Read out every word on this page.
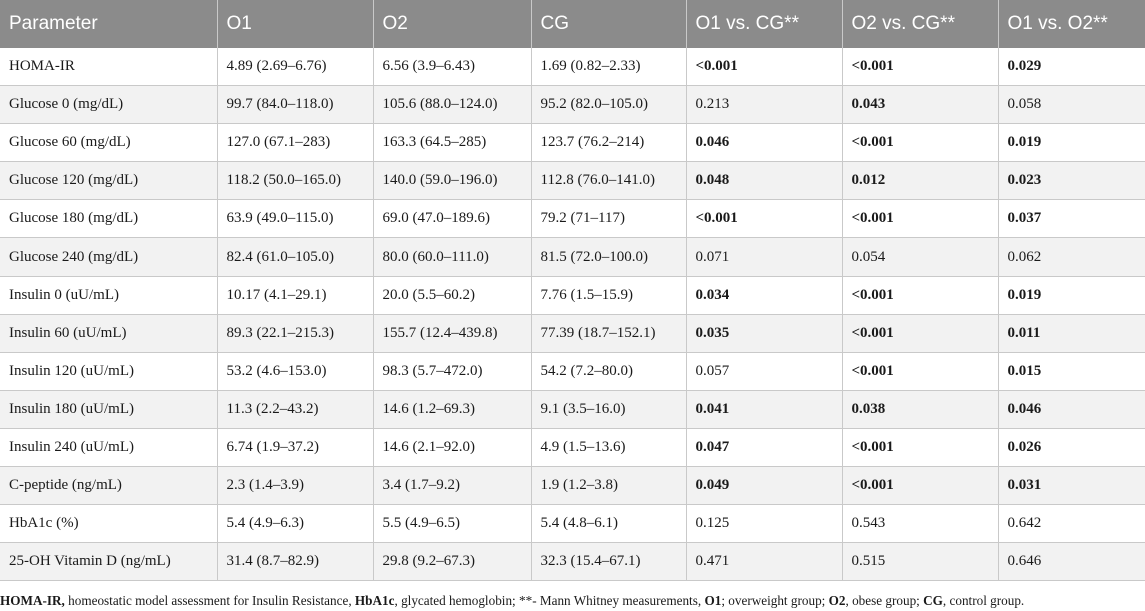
Parameter	O1	O2	CG	O1 vs. CG**	O2 vs. CG**	O1 vs. O2**
HOMA-IR	4.89 (2.69–6.76)	6.56 (3.9–6.43)	1.69 (0.82–2.33)	<0.001	<0.001	0.029
Glucose 0 (mg/dL)	99.7 (84.0–118.0)	105.6 (88.0–124.0)	95.2 (82.0–105.0)	0.213	0.043	0.058
Glucose 60 (mg/dL)	127.0 (67.1–283)	163.3 (64.5–285)	123.7 (76.2–214)	0.046	<0.001	0.019
Glucose 120 (mg/dL)	118.2 (50.0–165.0)	140.0 (59.0–196.0)	112.8 (76.0–141.0)	0.048	0.012	0.023
Glucose 180 (mg/dL)	63.9 (49.0–115.0)	69.0 (47.0–189.6)	79.2 (71–117)	<0.001	<0.001	0.037
Glucose 240 (mg/dL)	82.4 (61.0–105.0)	80.0 (60.0–111.0)	81.5 (72.0–100.0)	0.071	0.054	0.062
Insulin 0 (uU/mL)	10.17 (4.1–29.1)	20.0 (5.5–60.2)	7.76 (1.5–15.9)	0.034	<0.001	0.019
Insulin 60 (uU/mL)	89.3 (22.1–215.3)	155.7 (12.4–439.8)	77.39 (18.7–152.1)	0.035	<0.001	0.011
Insulin 120 (uU/mL)	53.2 (4.6–153.0)	98.3 (5.7–472.0)	54.2 (7.2–80.0)	0.057	<0.001	0.015
Insulin 180 (uU/mL)	11.3 (2.2–43.2)	14.6 (1.2–69.3)	9.1 (3.5–16.0)	0.041	0.038	0.046
Insulin 240 (uU/mL)	6.74 (1.9–37.2)	14.6 (2.1–92.0)	4.9 (1.5–13.6)	0.047	<0.001	0.026
C-peptide (ng/mL)	2.3 (1.4–3.9)	3.4 (1.7–9.2)	1.9 (1.2–3.8)	0.049	<0.001	0.031
HbA1c (%)	5.4 (4.9–6.3)	5.5 (4.9–6.5)	5.4 (4.8–6.1)	0.125	0.543	0.642
25-OH Vitamin D (ng/mL)	31.4 (8.7–82.9)	29.8 (9.2–67.3)	32.3 (15.4–67.1)	0.471	0.515	0.646
HOMA-IR, homeostatic model assessment for Insulin Resistance, HbA1c, glycated hemoglobin; **- Mann Whitney measurements, O1; overweight group; O2, obese group; CG, control group.
